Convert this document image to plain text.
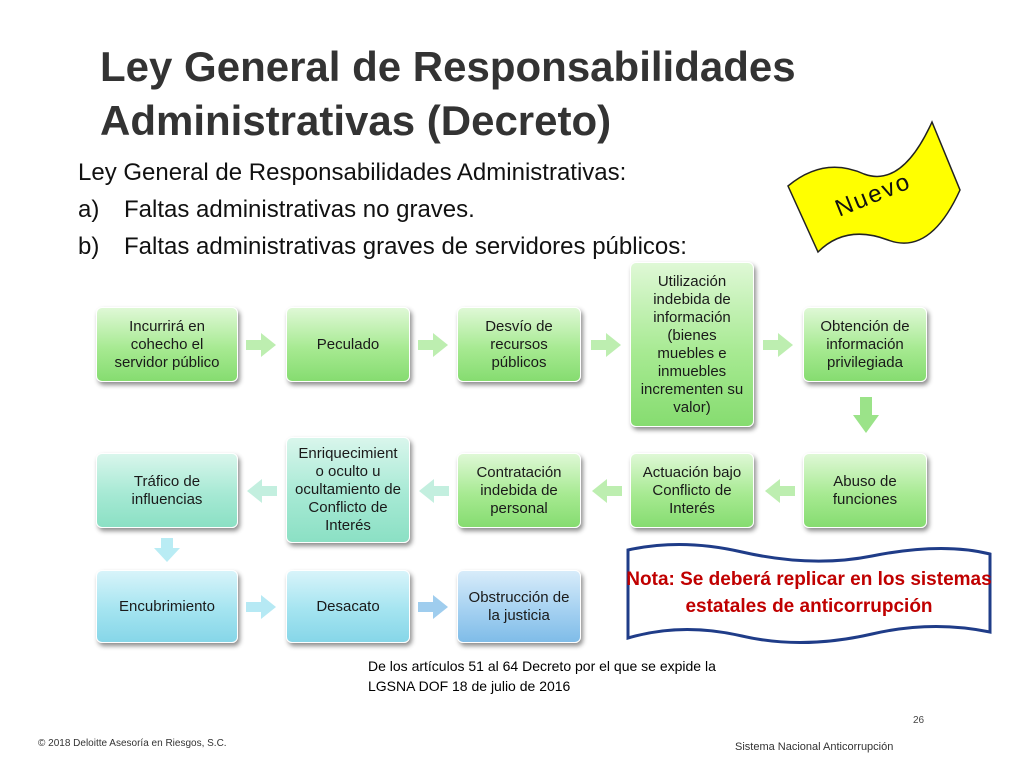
Ley General de Responsabilidades Administrativas (Decreto)
Ley General de Responsabilidades Administrativas:
a)	Faltas administrativas no graves.
b)	Faltas administrativas graves de servidores públicos:
Nuevo
Incurrirá en cohecho el servidor público
Peculado
Desvío de recursos públicos
Utilización indebida de información (bienes muebles e inmuebles incrementen su valor)
Obtención de información privilegiada
Abuso de funciones
Actuación bajo Conflicto de Interés
Contratación indebida de personal
Enriquecimient o oculto u ocultamiento de Conflicto de Interés
Tráfico de influencias
Encubrimiento	Desacato
Obstrucción de la justicia
Nota: Se deberá replicar en los sistemas estatales de anticorrupción
De los artículos 51 al 64 Decreto por el que se expide la
LGSNA DOF 18 de julio de 2016
26
© 2018 Deloitte Asesoría en Riesgos, S.C.	Sistema Nacional Anticorrupción
